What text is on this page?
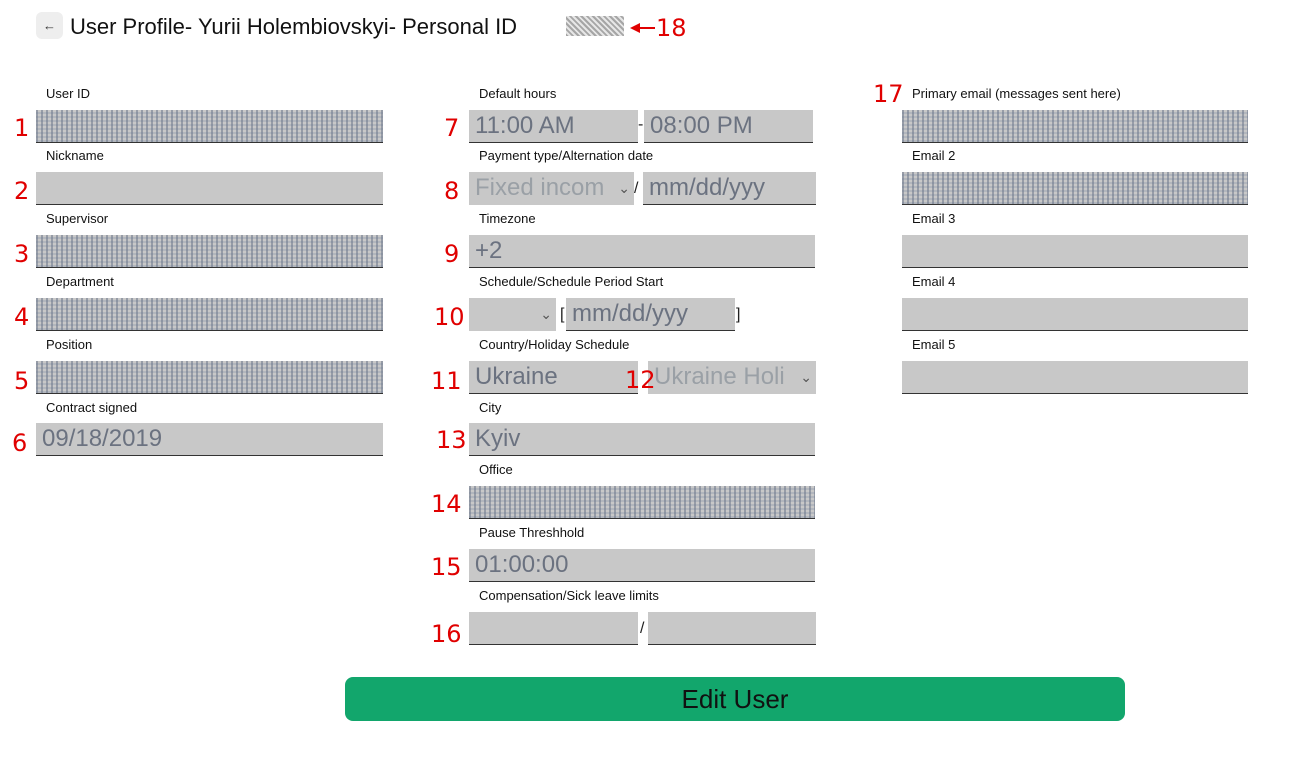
← User Profile- Yurii Holembiovskyi- Personal ID	18
User ID
1
Nickname
2
Supervisor
3
Department
4
Position
5
Contract signed
6 09/18/2019
Default hours
7 11:00 AM	- 08:00 PM
Payment type/Alternation date
8 Fixed incom ⌄ / mm/dd/yyy
Timezone
9 +2
Schedule/Schedule Period Start
10	⌄ [ mm/dd/yyy	]
Country/Holiday Schedule
11 Ukraine	Ukraine Holi ⌄
12
City
13 Kyiv
Office
14
Pause Threshhold
15 01:00:00
Compensation/Sick leave limits
16	/
17 Primary email (messages sent here)
Email 2
Email 3
Email 4
Email 5
Edit User
